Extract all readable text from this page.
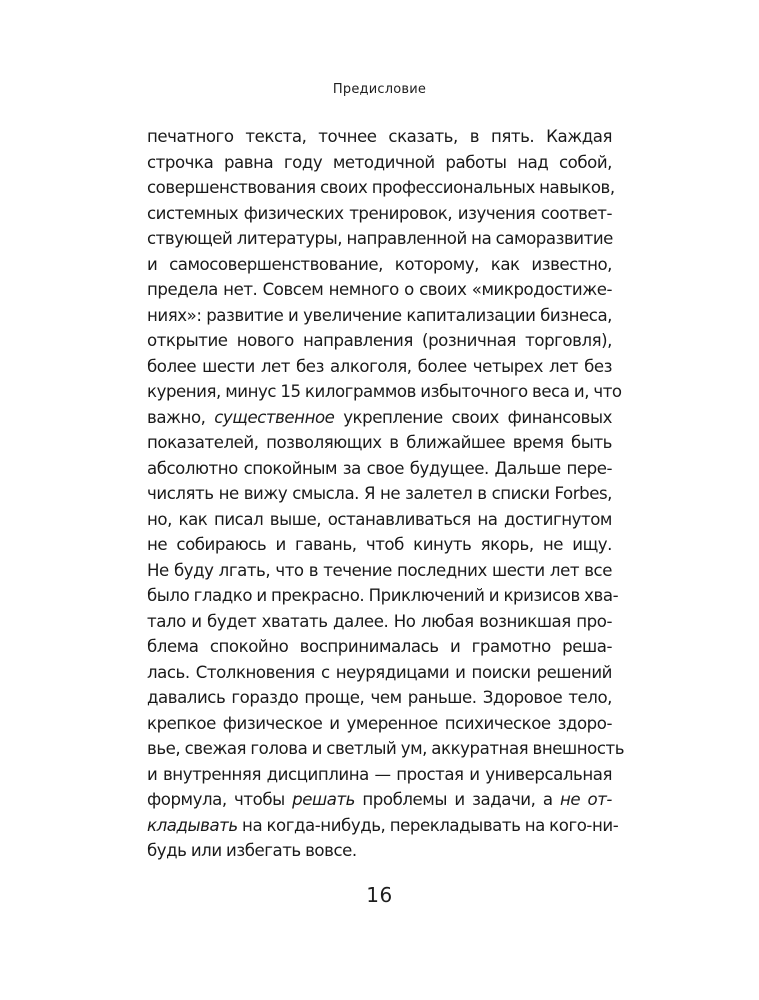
Предисловие
печатного текста, точнее сказать, в пять. Каждая
строчка равна году методичной работы над собой,
совершенствования своих профессиональных навыков,
системных физических тренировок, изучения соответ-
ствующей литературы, направленной на саморазвитие
и самосовершенствование, которому, как известно,
предела нет. Совсем немного о своих «микродостиже-
ниях»: развитие и увеличение капитализации бизнеса,
открытие нового направления (розничная торговля),
более шести лет без алкоголя, более четырех лет без
курения, минус 15 килограммов избыточного веса и, что
важно, существенное укрепление своих финансовых
показателей, позволяющих в ближайшее время быть
абсолютно спокойным за свое будущее. Дальше пере-
числять не вижу смысла. Я не залетел в списки Forbes,
но, как писал выше, останавливаться на достигнутом
не собираюсь и гавань, чтоб кинуть якорь, не ищу.
Не буду лгать, что в течение последних шести лет все
было гладко и прекрасно. Приключений и кризисов хва-
тало и будет хватать далее. Но любая возникшая про-
блема спокойно воспринималась и грамотно реша-
лась. Столкновения с неурядицами и поиски решений
давались гораздо проще, чем раньше. Здоровое тело,
крепкое физическое и умеренное психическое здоро-
вье, свежая голова и светлый ум, аккуратная внешность
и внутренняя дисциплина — простая и универсальная
формула, чтобы решать проблемы и задачи, а не от-
кладывать на когда-нибудь, перекладывать на кого-ни-
будь или избегать вовсе.
16
